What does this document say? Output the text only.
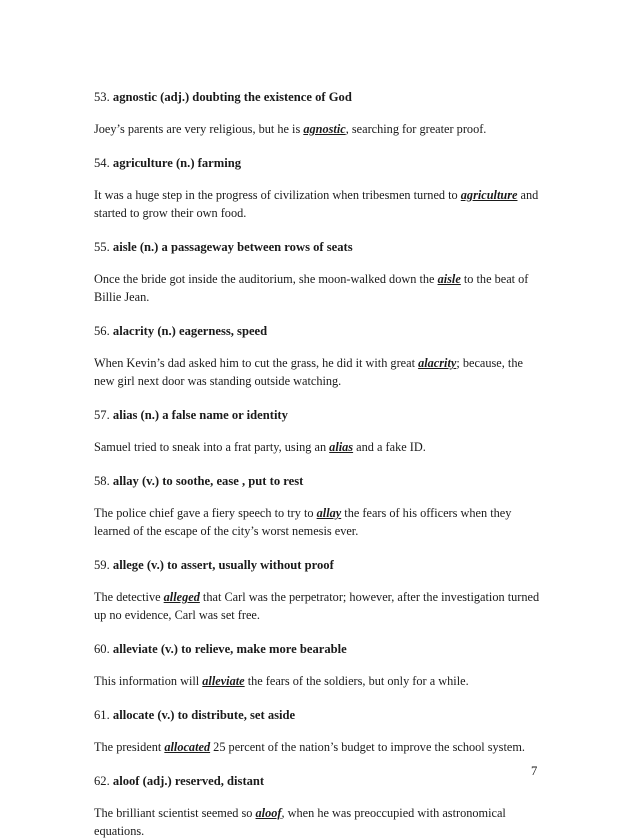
53. agnostic (adj.) doubting the existence of God
Joey’s parents are very religious, but he is agnostic, searching for greater proof.
54. agriculture (n.) farming
It was a huge step in the progress of civilization when tribesmen turned to agriculture and started to grow their own food.
55. aisle (n.) a passageway between rows of seats
Once the bride got inside the auditorium, she moon-walked down the aisle to the beat of Billie Jean.
56. alacrity (n.) eagerness, speed
When Kevin’s dad asked him to cut the grass, he did it with great alacrity; because, the new girl next door was standing outside watching.
57. alias (n.) a false name or identity
Samuel tried to sneak into a frat party, using an alias and a fake ID.
58. allay (v.) to soothe, ease , put to rest
The police chief gave a fiery speech to try to allay the fears of his officers when they learned of the escape of the city’s worst nemesis ever.
59. allege (v.) to assert, usually without proof
The detective alleged that Carl was the perpetrator; however, after the investigation turned up no evidence, Carl was set free.
60. alleviate (v.) to relieve, make more bearable
This information will alleviate the fears of the soldiers, but only for a while.
61. allocate (v.) to distribute, set aside
The president allocated 25 percent of the nation’s budget to improve the school system.
62. aloof (adj.) reserved, distant
The brilliant scientist seemed so aloof, when he was preoccupied with astronomical equations.
7
